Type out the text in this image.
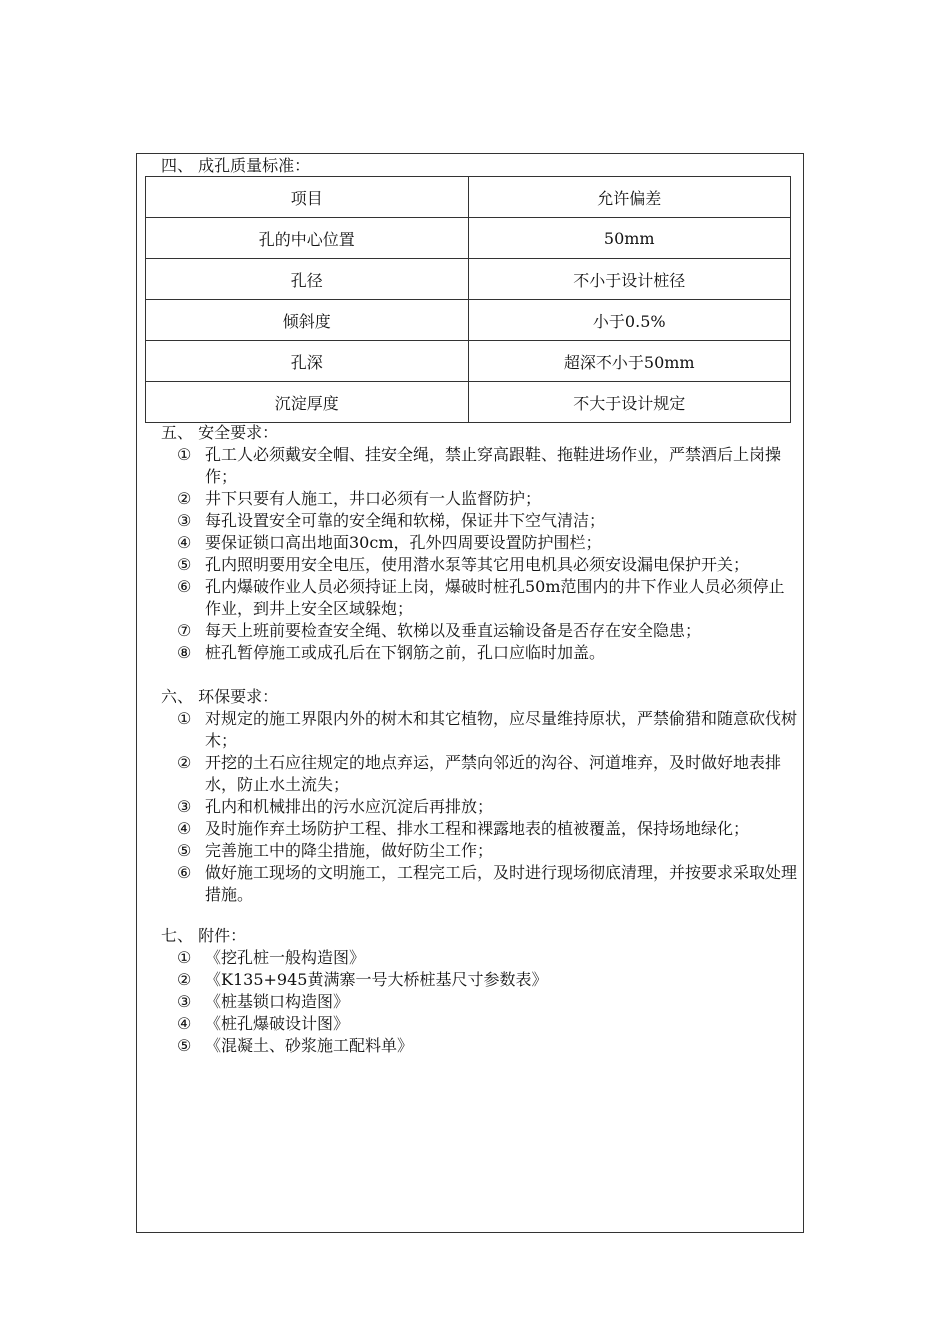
四、 成孔质量标准：
项目	允许偏差
孔的中心位置	50mm
孔径	不小于设计桩径
倾斜度	小于0.5%
孔深	超深不小于50mm
沉淀厚度	不大于设计规定
五、 安全要求：
① 孔工人必须戴安全帽、挂安全绳，禁止穿高跟鞋、拖鞋进场作业，严禁酒后上岗操作；
② 井下只要有人施工，井口必须有一人监督防护；
③ 每孔设置安全可靠的安全绳和软梯，保证井下空气清洁；
④ 要保证锁口高出地面30cm，孔外四周要设置防护围栏；
⑤ 孔内照明要用安全电压，使用潜水泵等其它用电机具必须安设漏电保护开关；
⑥ 孔内爆破作业人员必须持证上岗，爆破时桩孔50m范围内的井下作业人员必须停止作业，到井上安全区域躲炮；
⑦ 每天上班前要检查安全绳、软梯以及垂直运输设备是否存在安全隐患；
⑧ 桩孔暂停施工或成孔后在下钢筋之前，孔口应临时加盖。
六、 环保要求：
① 对规定的施工界限内外的树木和其它植物，应尽量维持原状，严禁偷猎和随意砍伐树木；
② 开挖的土石应往规定的地点弃运，严禁向邻近的沟谷、河道堆弃，及时做好地表排水，防止水土流失；
③ 孔内和机械排出的污水应沉淀后再排放；
④ 及时施作弃土场防护工程、排水工程和裸露地表的植被覆盖，保持场地绿化；
⑤ 完善施工中的降尘措施，做好防尘工作；
⑥ 做好施工现场的文明施工，工程完工后，及时进行现场彻底清理，并按要求采取处理措施。
七、 附件：
① 《挖孔桩一般构造图》
② 《K135+945黄满寨一号大桥桩基尺寸参数表》
③ 《桩基锁口构造图》
④ 《桩孔爆破设计图》
⑤ 《混凝土、砂浆施工配料单》
